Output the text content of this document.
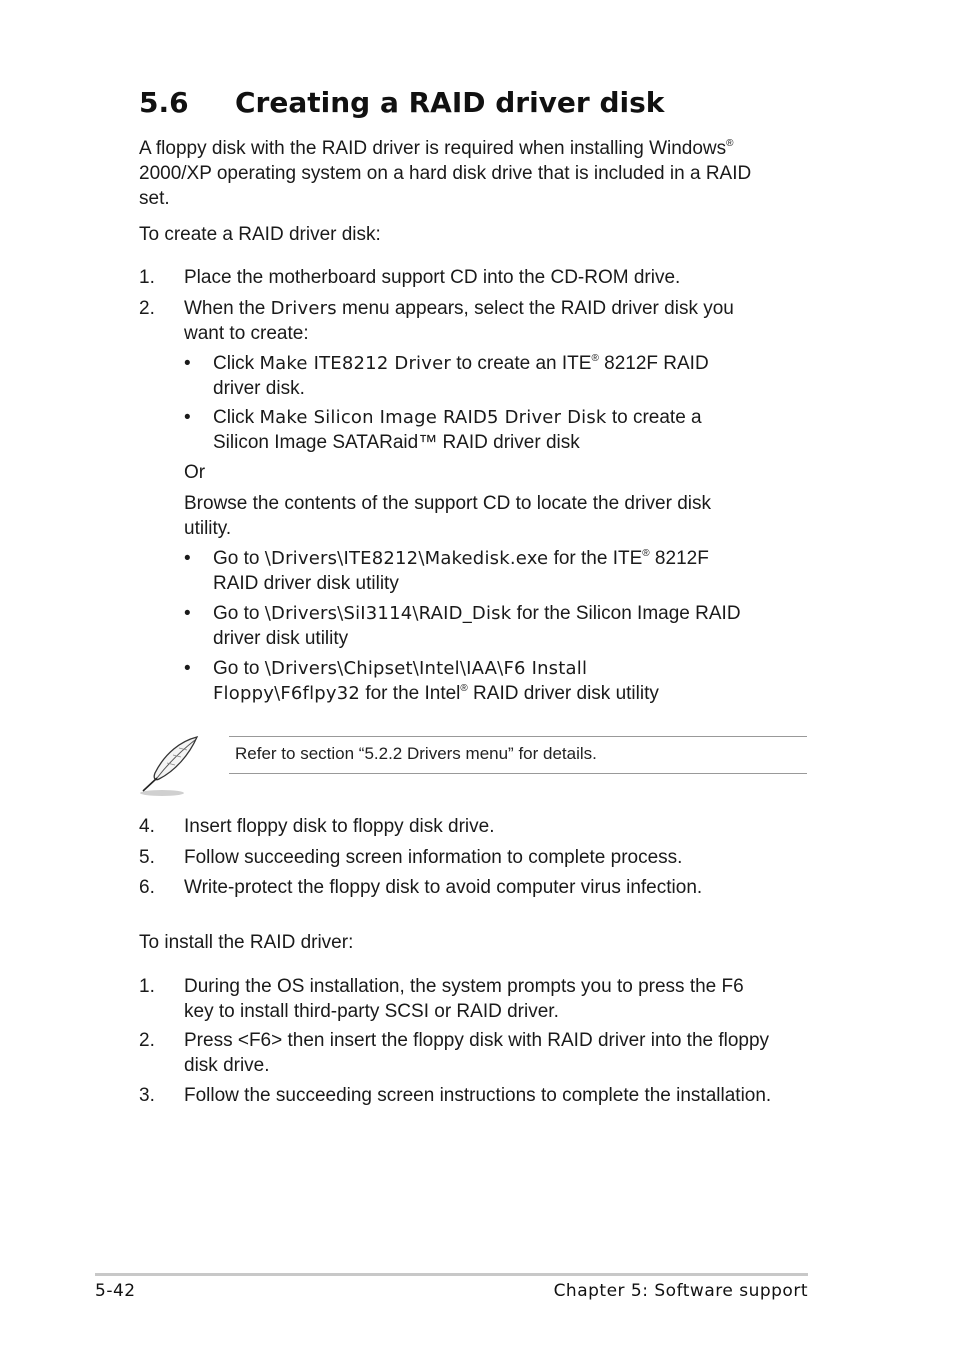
5.6 Creating a RAID driver disk
A floppy disk with the RAID driver is required when installing Windows®
2000/XP operating system on a hard disk drive that is included in a RAID
set.
To create a RAID driver disk:
1. Place the motherboard support CD into the CD-ROM drive.
2. When the Drivers menu appears, select the RAID driver disk you
want to create:
• Click Make ITE8212 Driver to create an ITE® 8212F RAID
driver disk.
• Click Make Silicon Image RAID5 Driver Disk to create a
Silicon Image SATARaid™ RAID driver disk
Or
Browse the contents of the support CD to locate the driver disk
utility.
• Go to \Drivers\ITE8212\Makedisk.exe for the ITE® 8212F
RAID driver disk utility
• Go to \Drivers\SiI3114\RAID_Disk for the Silicon Image RAID
driver disk utility
• Go to \Drivers\Chipset\Intel\IAA\F6 Install
Floppy\F6flpy32 for the Intel® RAID driver disk utility
Refer to section “5.2.2 Drivers menu” for details.
4. Insert floppy disk to floppy disk drive.
5. Follow succeeding screen information to complete process.
6. Write-protect the floppy disk to avoid computer virus infection.
To install the RAID driver:
1. During the OS installation, the system prompts you to press the F6
key to install third-party SCSI or RAID driver.
2. Press <F6> then insert the floppy disk with RAID driver into the floppy
disk drive.
3. Follow the succeeding screen instructions to complete the installation.
5-42	Chapter 5: Software support
